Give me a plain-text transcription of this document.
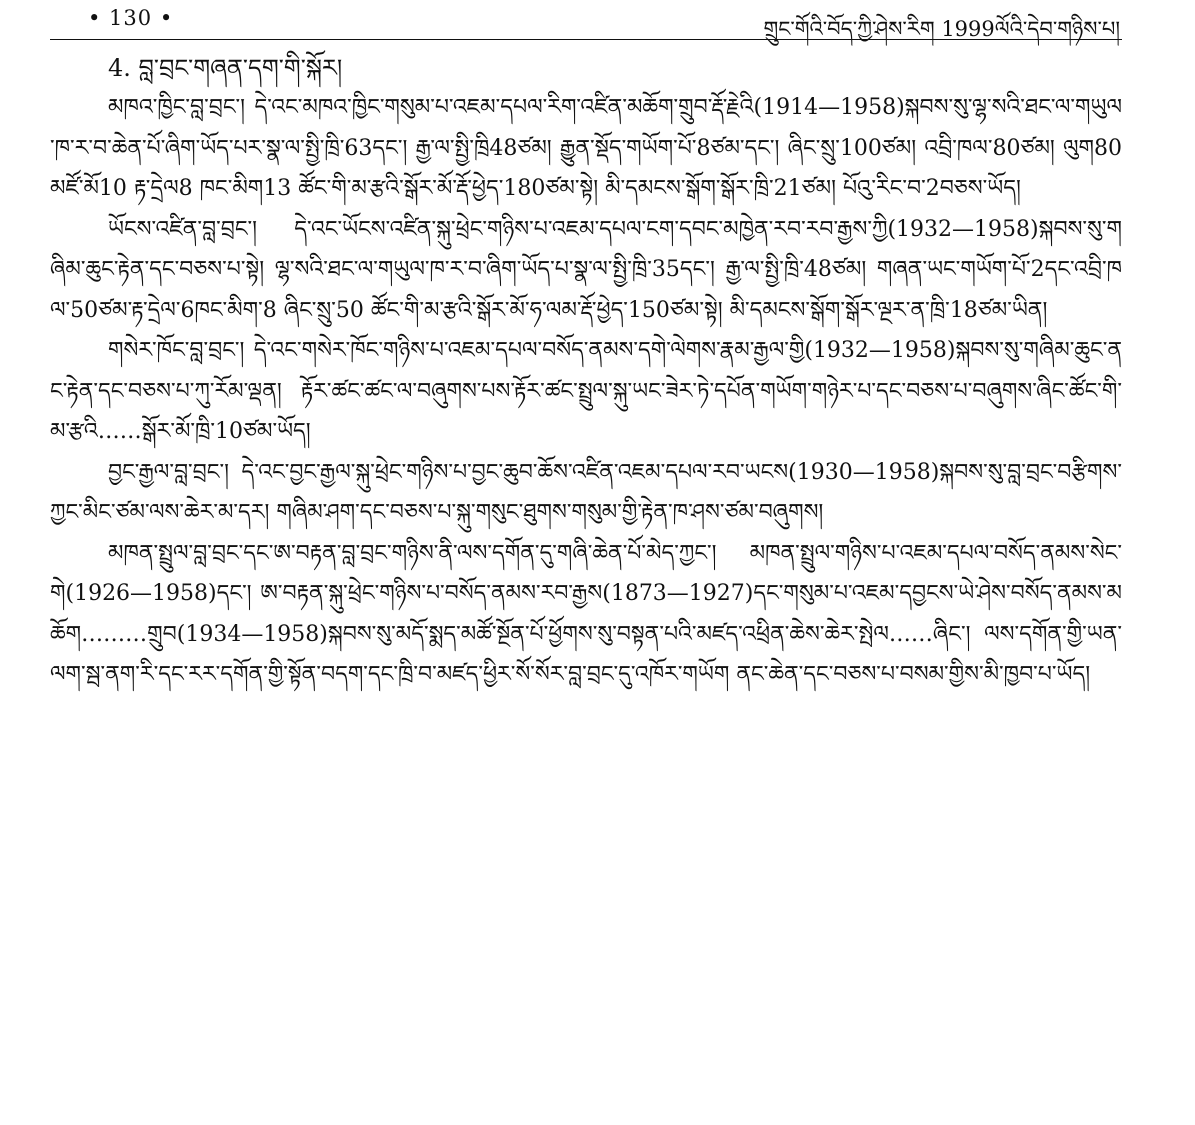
• 130 •	གྲུང་གོའི་བོད་ཀྱི་ཤེས་རིག 1999ལོའི་དེབ་གཉིས་པ།
4. བླ་བྲང་གཞན་དག་གི་སྐོར།

མཁའ་ཁྱིང་བླ་བྲང་། དེ་འང་མཁའ་ཁྱིང་གསུམ་པ་འཇམ་དཔལ་རིག་འཛིན་མཆོག་གྲུབ་རྡོ་རྗེའི(1914—1958)སྐབས་སུ་ལྷ་སའི་ཐང་ལ་གཡུལ་ཁ་ར་བ་ཆེན་པོ་ཞིག་ཡོད་པར་སྣ་ལ་སྤྱི་ཁྲི་63དང་། རྒྱ་ལ་སྤྱི་ཁྲི48ཙམ། རྒྱུན་སྡོད་གཡོག་པོ་8ཙམ་དང་། ཞིང་སྲུ་100ཙམ། འབྲི་ཁལ་80ཙམ། ལུག80 མཛོ་མོ10 རྟ་དྲེལ8 ཁང་མིག13 ཚོང་གི་མ་རྩའི་སྒོར་མོ་རྡོ་ཕྱེད་180ཙམ་སྟེ། མི་དམངས་སྒོག་སྒོར་ཁྲི་21ཙམ། པོའུ་རིང་བ་2བཅས་ཡོད།

ཡོངས་འཛིན་བླ་བྲང་། དེ་འང་ཡོངས་འཛིན་སྐུ་ཕྲེང་གཉིས་པ་འཇམ་དཔལ་ངག་དབང་མཁྱེན་རབ་རབ་རྒྱས་ཀྱི(1932—1958)སྐབས་སུ་གཞིམ་ཆུང་རྟེན་དང་བཅས་པ་སྟེ། ལྷ་སའི་ཐང་ལ་གཡུལ་ཁ་ར་བ་ཞིག་ཡོད་པ་སྣ་ལ་སྤྱི་ཁྲི་35དང་། རྒྱ་ལ་སྤྱི་ཁྲི་48ཙམ། གཞན་ཡང་གཡོག་པོ་2དང་འབྲི་ཁལ་50ཙམ་རྟ་དྲེལ་6ཁང་མིག་8 ཞིང་སྲུ་50 ཚོང་གི་མ་རྩའི་སྒོར་མོ་ཧ་ལམ་རྡོ་ཕྱེད་150ཙམ་སྟེ། མི་དམངས་སྒོག་སྒོར་ལྔར་ན་ཁྲི་18ཙམ་ཡིན།

གསེར་ཁོང་བླ་བྲང་། དེ་འང་གསེར་ཁོང་གཉིས་པ་འཇམ་དཔལ་བསོད་ནམས་དགེ་ལེགས་རྣམ་རྒྱལ་གྱི(1932—1958)སྐབས་སུ་གཞིམ་ཆུང་ནང་རྟེན་དང་བཅས་པ་ཀུ་ཪོམ་ལྡན། རྟོར་ཚང་ཚང་ལ་བཞུགས་པས་རྟོར་ཚང་སྤྲུལ་སྐུ་ཡང་ཟེར་ཏེ་དཔོན་གཡོག་གཉེར་པ་དང་བཅས་པ་བཞུགས་ཞིང་ཚོང་གི་མ་རྩའི……སྒོར་མོ་ཁྲི་10ཙམ་ཡོད།

བྱང་རྒྱལ་བླ་བྲང་། དེ་འང་བྱང་རྒྱལ་སྐུ་ཕྲེང་གཉིས་པ་བྱང་ཆུབ་ཆོས་འཛིན་འཇམ་དཔལ་རབ་ཡངས(1930—1958)སྐབས་སུ་བླ་བྲང་བརྩིགས་ཀྱང་མིང་ཙམ་ལས་ཆེར་མ་དར། གཞིམ་ཤག་དང་བཅས་པ་སྐུ་གསུང་ཐུགས་གསུམ་གྱི་རྟེན་ཁ་ཤས་ཙམ་བཞུགས།

མཁན་སྤྲུལ་བླ་བྲང་དང་ཨ་བརྟན་བླ་བྲང་གཉིས་ནི་ལས་དགོན་དུ་གཞི་ཆེན་པོ་མེད་ཀྱང་། མཁན་སྤྲུལ་གཉིས་པ་འཇམ་དཔལ་བསོད་ནམས་སེང་གེ(1926—1958)དང་། ཨ་བརྟན་སྐུ་ཕྲེང་གཉིས་པ་བསོད་ནམས་རབ་རྒྱས(1873—1927)དང་གསུམ་པ་འཇམ་དབྱངས་ཡེ་ཤེས་བསོད་ནམས་མཆོག………གྲུབ(1934—1958)སྐབས་སུ་མདོ་སྨད་མཚོ་སྔོན་པོ་ཕྱོགས་སུ་བསྟན་པའི་མཛད་འཕྲིན་ཆེས་ཆེར་སྤེལ……ཞིང་། ལས་དགོན་གྱི་ཡན་ལག་སྦ་ནག་རི་དང་རར་དགོན་གྱི་སྟོན་བདག་དང་ཁྲི་བ་མཛད་ཕྱིར་སོ་སོར་བླ་བྲང་དུ་འཁོར་གཡོག ནང་ཆེན་དང་བཅས་པ་བསམ་གྱིས་མི་ཁྱབ་པ་ཡོད།
